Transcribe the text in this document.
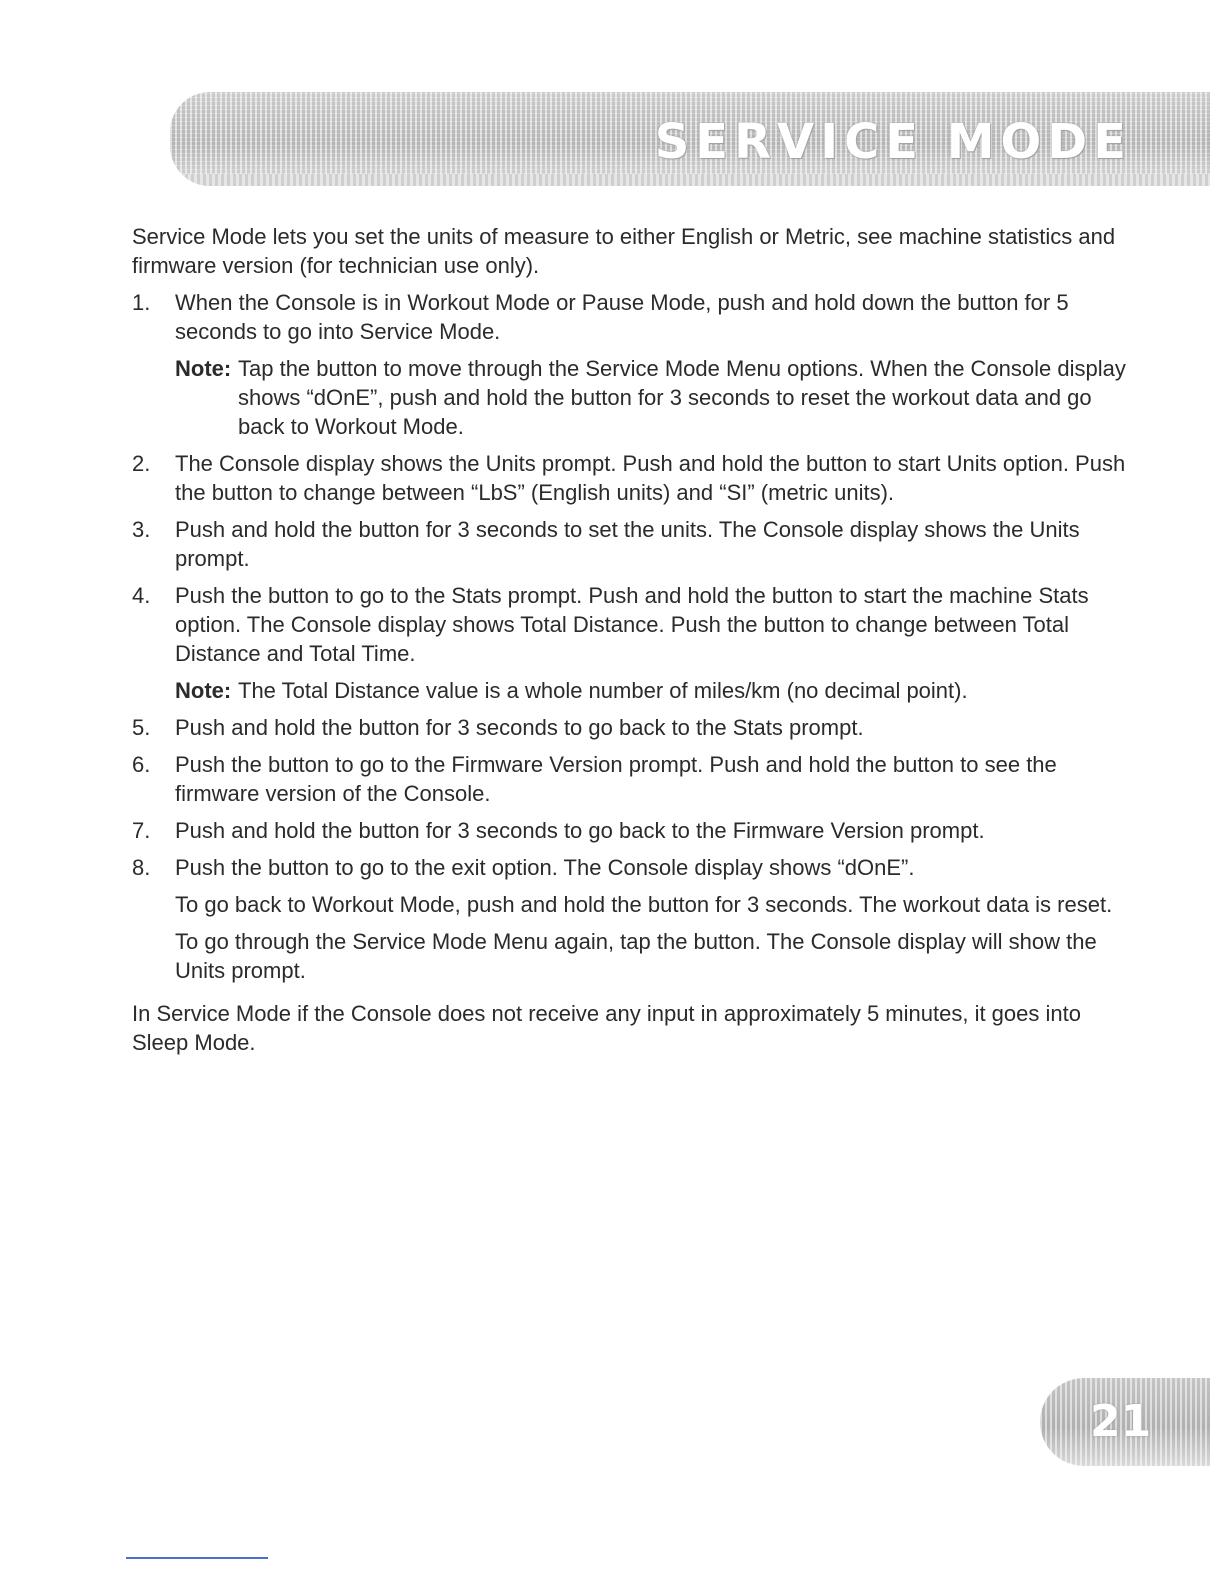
SERVICE MODE

Service Mode lets you set the units of measure to either English or Metric, see machine statistics and firmware version (for technician use only).

1. When the Console is in Workout Mode or Pause Mode, push and hold down the button for 5 seconds to go into Service Mode.
Note: Tap the button to move through the Service Mode Menu options. When the Console display shows “dOnE”, push and hold the button for 3 seconds to reset the workout data and go back to Workout Mode.
2. The Console display shows the Units prompt. Push and hold the button to start Units option. Push the button to change between “LbS” (English units) and “SI” (metric units).
3. Push and hold the button for 3 seconds to set the units. The Console display shows the Units prompt.
4. Push the button to go to the Stats prompt. Push and hold the button to start the machine Stats option. The Console display shows Total Distance. Push the button to change between Total Distance and Total Time.
Note: The Total Distance value is a whole number of miles/km (no decimal point).
5. Push and hold the button for 3 seconds to go back to the Stats prompt.
6. Push the button to go to the Firmware Version prompt. Push and hold the button to see the firmware version of the Console.
7. Push and hold the button for 3 seconds to go back to the Firmware Version prompt.
8. Push the button to go to the exit option. The Console display shows “dOnE”.

To go back to Workout Mode, push and hold the button for 3 seconds. The workout data is reset.

To go through the Service Mode Menu again, tap the button. The Console display will show the Units prompt.

In Service Mode if the Console does not receive any input in approximately 5 minutes, it goes into Sleep Mode.

21
